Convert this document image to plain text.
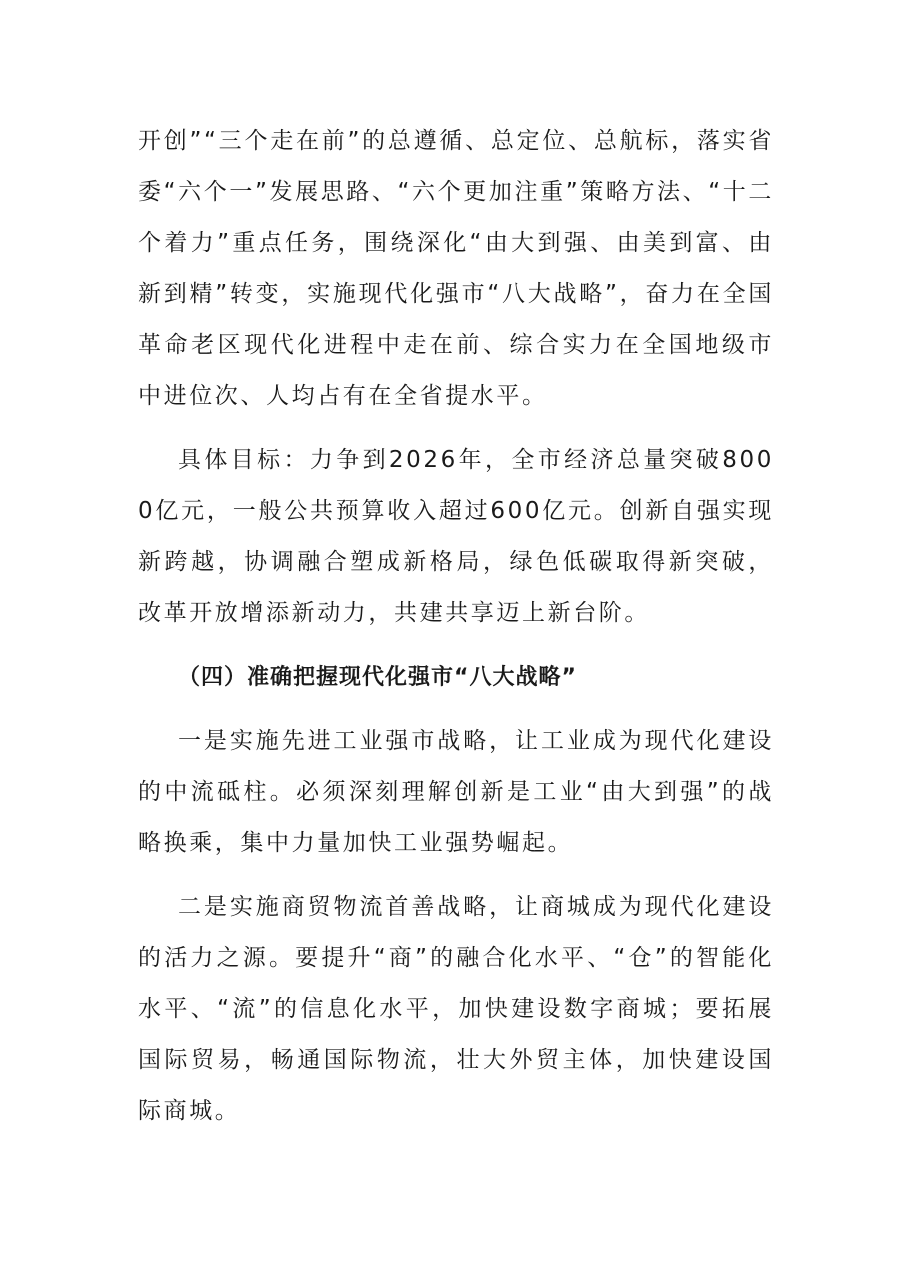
开创”“三个走在前”的总遵循、总定位、总航标，落实省委“六个一”发展思路、“六个更加注重”策略方法、“十二个着力”重点任务，围绕深化“由大到强、由美到富、由新到精”转变，实施现代化强市“八大战略”，奋力在全国革命老区现代化进程中走在前、综合实力在全国地级市中进位次、人均占有在全省提水平。

具体目标：力争到2026年，全市经济总量突破8000亿元，一般公共预算收入超过600亿元。创新自强实现新跨越，协调融合塑成新格局，绿色低碳取得新突破，改革开放增添新动力，共建共享迈上新台阶。

（四）准确把握现代化强市“八大战略”

一是实施先进工业强市战略，让工业成为现代化建设的中流砥柱。必须深刻理解创新是工业“由大到强”的战略换乘，集中力量加快工业强势崛起。

二是实施商贸物流首善战略，让商城成为现代化建设的活力之源。要提升“商”的融合化水平、“仓”的智能化水平、“流”的信息化水平，加快建设数字商城；要拓展国际贸易，畅通国际物流，壮大外贸主体，加快建设国际商城。
